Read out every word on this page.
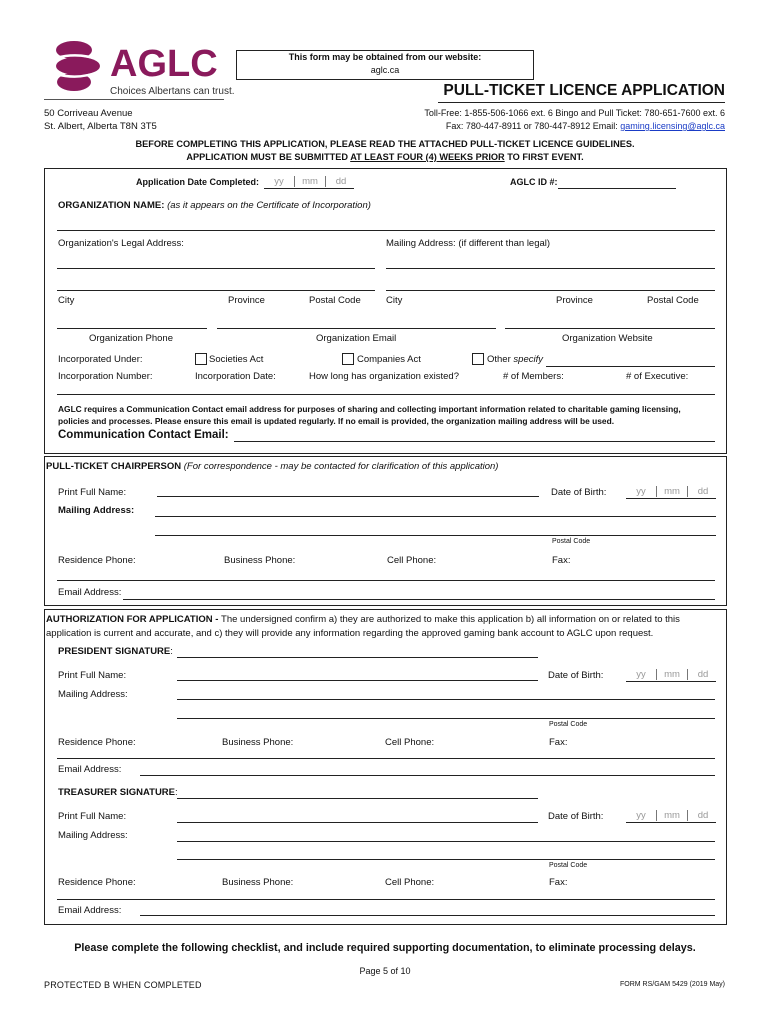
AGLC
Choices Albertans can trust.
This form may be obtained from our website:
aglc.ca
PULL-TICKET LICENCE APPLICATION
50 Corriveau Avenue
St. Albert, Alberta T8N 3T5
Toll-Free: 1-855-506-1066 ext. 6 Bingo and Pull Ticket: 780-651-7600 ext. 6
Fax: 780-447-8911 or 780-447-8912 Email: gaming.licensing@aglc.ca
BEFORE COMPLETING THIS APPLICATION, PLEASE READ THE ATTACHED PULL-TICKET LICENCE GUIDELINES.
APPLICATION MUST BE SUBMITTED AT LEAST FOUR (4) WEEKS PRIOR TO FIRST EVENT.
Application Date Completed:	yy	mm	dd	AGLC ID #:
ORGANIZATION NAME: (as it appears on the Certificate of Incorporation)
Organization's Legal Address:	Mailing Address: (if different than legal)
City	Province	Postal Code	City	Province	Postal Code
Organization Phone	Organization Email	Organization Website
Incorporated Under:	Societies Act	Companies Act	Other specify
Incorporation Number:	Incorporation Date:	How long has organization existed?	# of Members:	# of Executive:
AGLC requires a Communication Contact email address for purposes of sharing and collecting important information related to charitable gaming licensing,
policies and processes. Please ensure this email is updated regularly. If no email is provided, the organization mailing address will be used.
Communication Contact Email:
PULL-TICKET CHAIRPERSON (For correspondence - may be contacted for clarification of this application)
Print Full Name:	Date of Birth:	yy	mm	dd
Mailing Address:
Postal Code
Residence Phone:	Business Phone:	Cell Phone:	Fax:
Email Address:
AUTHORIZATION FOR APPLICATION - The undersigned confirm a) they are authorized to make this application b) all information on or related to this
application is current and accurate, and c) they will provide any information regarding the approved gaming bank account to AGLC upon request.
PRESIDENT SIGNATURE:
Print Full Name:	Date of Birth:	yy	mm	dd
Mailing Address:
Postal Code
Residence Phone:	Business Phone:	Cell Phone:	Fax:
Email Address:
TREASURER SIGNATURE:
Print Full Name:	Date of Birth:	yy	mm	dd
Mailing Address:
Postal Code
Residence Phone:	Business Phone:	Cell Phone:	Fax:
Email Address:
Please complete the following checklist, and include required supporting documentation, to eliminate processing delays.
Page 5 of 10
PROTECTED B WHEN COMPLETED	FORM RS/GAM 5429 (2019 May)
